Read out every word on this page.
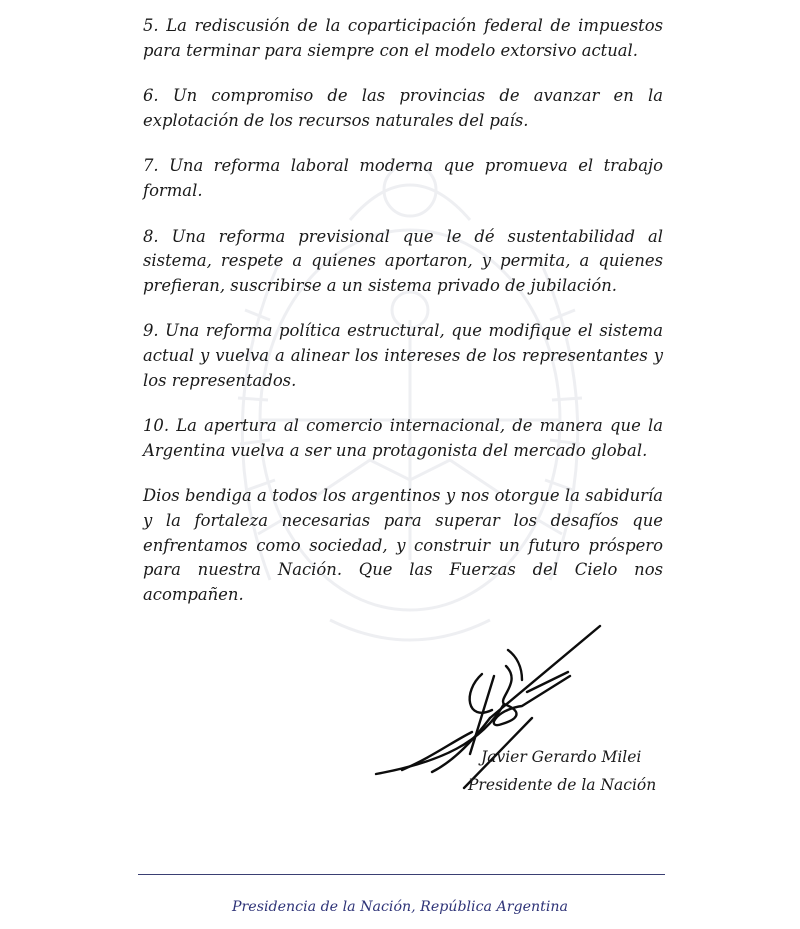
5. La rediscusión de la coparticipación federal de impuestos para terminar para siempre con el modelo extorsivo actual.

6. Un compromiso de las provincias de avanzar en la explotación de los recursos naturales del país.

7. Una reforma laboral moderna que promueva el trabajo formal.

8. Una reforma previsional que le dé sustentabilidad al sistema, respete a quienes aportaron, y permita, a quienes prefieran, suscribirse a un sistema privado de jubilación.

9. Una reforma política estructural, que modifique el sistema actual y vuelva a alinear los intereses de los representantes y los representados.

10. La apertura al comercio internacional, de manera que la Argentina vuelva a ser una protagonista del mercado global.

Dios bendiga a todos los argentinos y nos otorgue la sabiduría y la fortaleza necesarias para superar los desafíos que enfrentamos como sociedad, y construir un futuro próspero para nuestra Nación. Que las Fuerzas del Cielo nos acompañen.

Javier Gerardo Milei
Presidente de la Nación
Presidencia de la Nación, República Argentina
